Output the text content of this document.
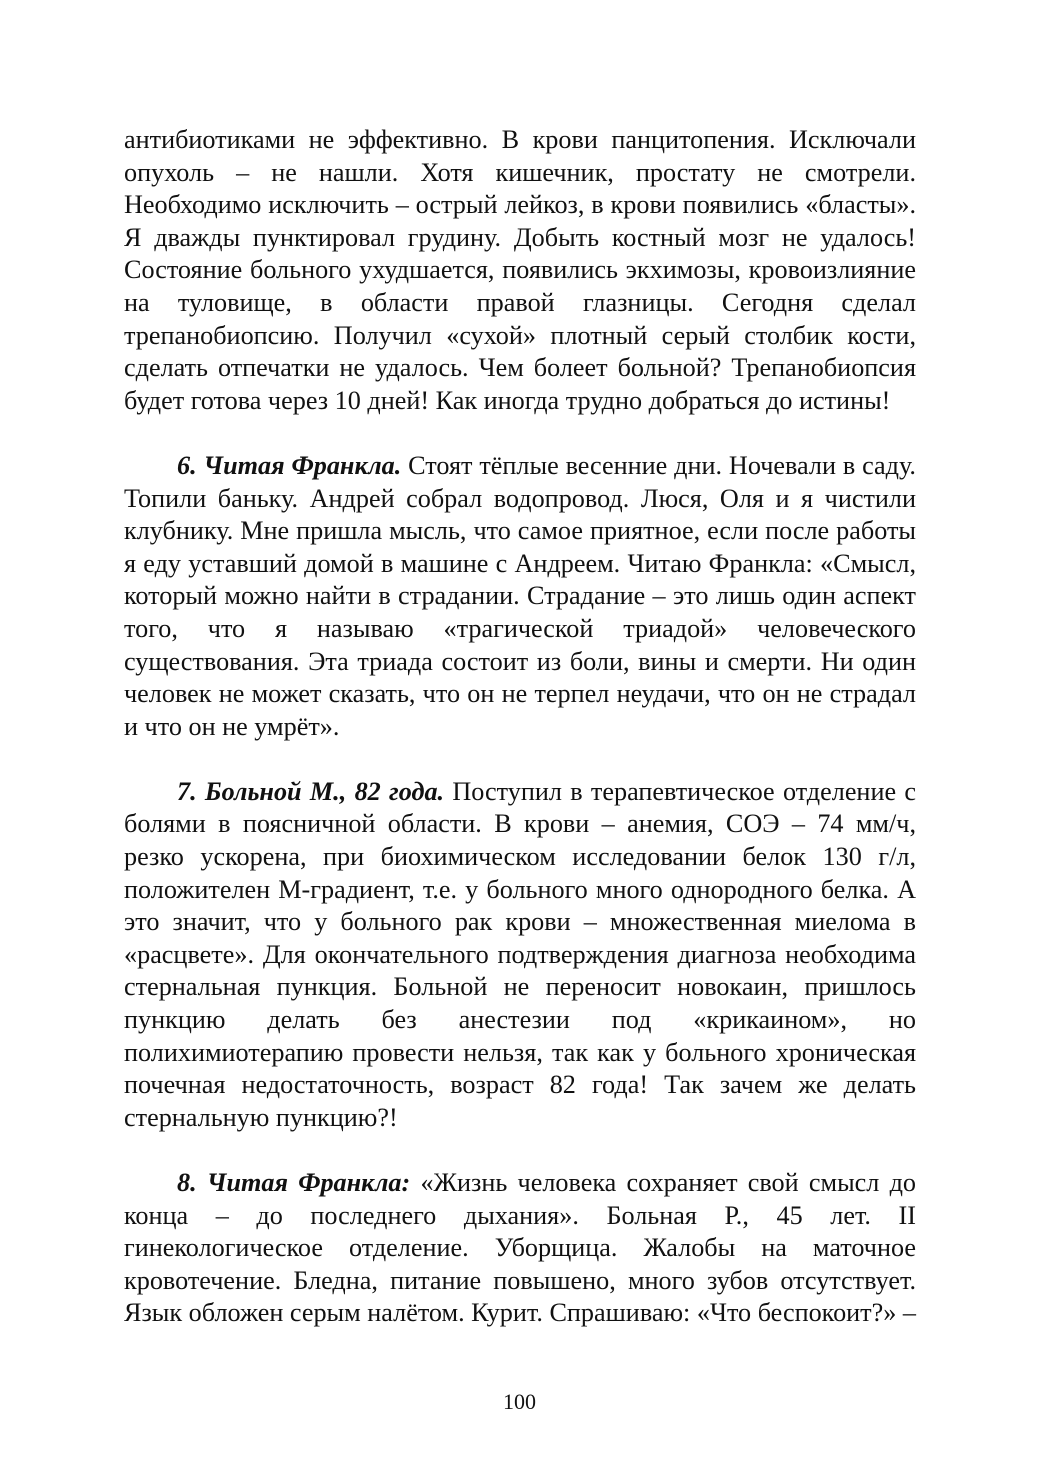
антибиотиками не эффективно. В крови панцитопения. Исключали опухоль – не нашли. Хотя кишечник, простату не смотрели. Необходимо исключить – острый лейкоз, в крови появились «бласты». Я дважды пунктировал грудину. Добыть костный мозг не удалось! Состояние больного ухудшается, появились экхимозы, кровоизлияние на туловище, в области правой глазницы. Сегодня сделал трепанобиопсию. Получил «сухой» плотный серый столбик кости, сделать отпечатки не удалось. Чем болеет больной? Трепанобиопсия будет готова через 10 дней! Как иногда трудно добраться до истины!

6. Читая Франкла. Стоят тёплые весенние дни. Ночевали в саду. Топили баньку. Андрей собрал водопровод. Люся, Оля и я чистили клубнику. Мне пришла мысль, что самое приятное, если после работы я еду уставший домой в машине с Андреем. Читаю Франкла: «Смысл, который можно найти в страдании. Страдание – это лишь один аспект того, что я называю «трагической триадой» человеческого существования. Эта триада состоит из боли, вины и смерти. Ни один человек не может сказать, что он не терпел неудачи, что он не страдал и что он не умрёт».

7. Больной М., 82 года. Поступил в терапевтическое отделение с болями в поясничной области. В крови – анемия, СОЭ – 74 мм/ч, резко ускорена, при биохимическом исследовании белок 130 г/л, положителен М-градиент, т.е. у больного много однородного белка. А это значит, что у больного рак крови – множественная миелома в «расцвете». Для окончательного подтверждения диагноза необходима стернальная пункция. Больной не переносит новокаин, пришлось пункцию делать без анестезии под «крикаином», но полихимиотерапию провести нельзя, так как у больного хроническая почечная недостаточность, возраст 82 года! Так зачем же делать стернальную пункцию?!

8. Читая Франкла: «Жизнь человека сохраняет свой смысл до конца – до последнего дыхания». Больная Р., 45 лет. II гинекологическое отделение. Уборщица. Жалобы на маточное кровотечение. Бледна, питание повышено, много зубов отсутствует. Язык обложен серым налётом. Курит. Спрашиваю: «Что беспокоит?» –

100
